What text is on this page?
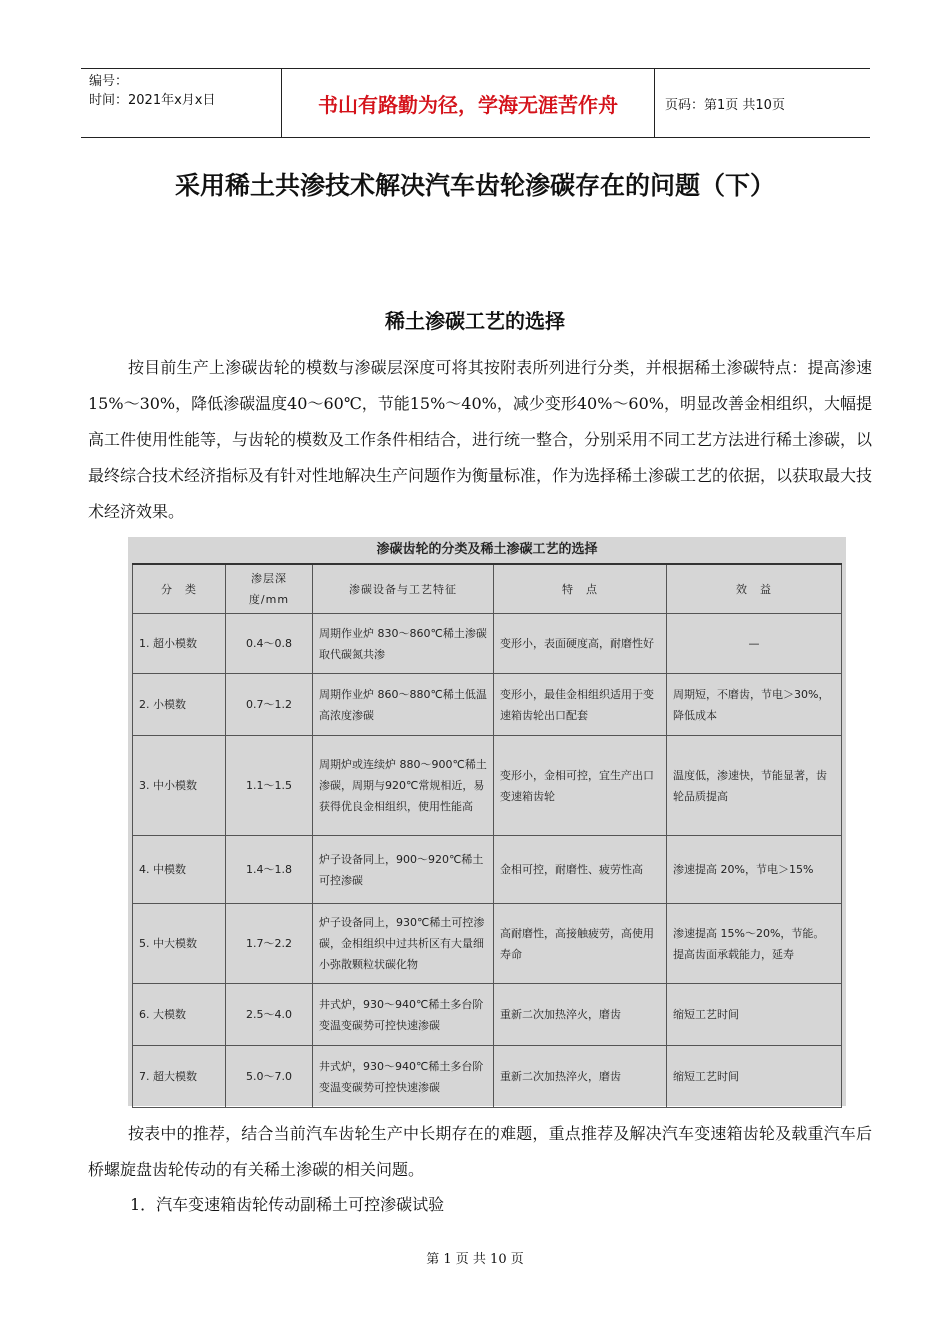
编号：
时间：2021年x月x日	书山有路勤为径，学海无涯苦作舟	页码：第1页 共10页
采用稀土共渗技术解决汽车齿轮渗碳存在的问题（下）
稀土渗碳工艺的选择

按目前生产上渗碳齿轮的模数与渗碳层深度可将其按附表所列进行分类，并根据稀土渗碳特点：提高渗速15%～30%，降低渗碳温度40～60℃，节能15%～40%，减少变形40%～60%，明显改善金相组织，大幅提高工件使用性能等，与齿轮的模数及工作条件相结合，进行统一整合，分别采用不同工艺方法进行稀土渗碳，以最终综合技术经济指标及有针对性地解决生产问题作为衡量标准，作为选择稀土渗碳工艺的依据，以获取最大技术经济效果。

渗碳齿轮的分类及稀土渗碳工艺的选择
分　类	渗层深度/mm	渗碳设备与工艺特征	特　点	效　益
1. 超小模数	0.4～0.8	周期作业炉 830～860℃稀土渗碳取代碳氮共渗	变形小，表面硬度高，耐磨性好	—
2. 小模数	0.7～1.2	周期作业炉 860～880℃稀土低温高浓度渗碳	变形小，最佳金相组织适用于变速箱齿轮出口配套	周期短，不磨齿，节电＞30%，降低成本
3. 中小模数	1.1～1.5	周期炉或连续炉 880～900℃稀土渗碳，周期与920℃常规相近，易获得优良金相组织，使用性能高	变形小，金相可控，宜生产出口变速箱齿轮	温度低，渗速快，节能显著，齿轮品质提高
4. 中模数	1.4～1.8	炉子设备同上，900～920℃稀土可控渗碳	金相可控，耐磨性、疲劳性高	渗速提高 20%，节电＞15%
5. 中大模数	1.7～2.2	炉子设备同上，930℃稀土可控渗碳，金相组织中过共析区有大量细小弥散颗粒状碳化物	高耐磨性，高接触疲劳，高使用寿命	渗速提高 15%～20%，节能。提高齿面承载能力，延寿
6. 大模数	2.5～4.0	井式炉，930～940℃稀土多台阶变温变碳势可控快速渗碳	重新二次加热淬火，磨齿	缩短工艺时间
7. 超大模数	5.0～7.0	井式炉，930～940℃稀土多台阶变温变碳势可控快速渗碳	重新二次加热淬火，磨齿	缩短工艺时间

按表中的推荐，结合当前汽车齿轮生产中长期存在的难题，重点推荐及解决汽车变速箱齿轮及载重汽车后桥螺旋盘齿轮传动的有关稀土渗碳的相关问题。

1．汽车变速箱齿轮传动副稀土可控渗碳试验
第 1 页 共 10 页
